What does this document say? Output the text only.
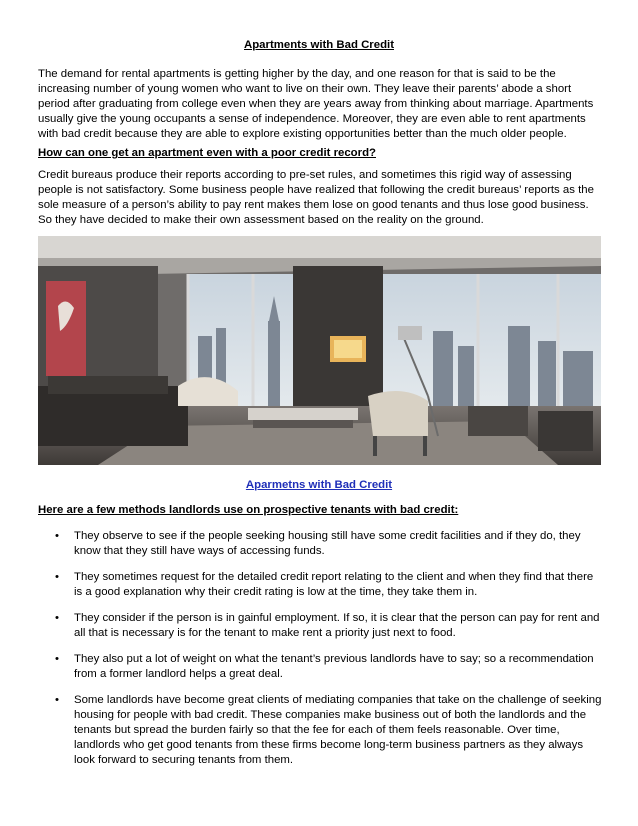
Apartments with Bad Credit

The demand for rental apartments is getting higher by the day, and one reason for that is said to be the increasing number of young women who want to live on their own. They leave their parents’ abode a short period after graduating from college even when they are years away from thinking about marriage. Apartments usually give the young occupants a sense of independence. Moreover, they are even able to rent apartments with bad credit because they are able to explore existing opportunities better than the much older people.

How can one get an apartment even with a poor credit record?

Credit bureaus produce their reports according to pre-set rules, and sometimes this rigid way of assessing people is not satisfactory. Some business people have realized that following the credit bureaus’ reports as the sole measure of a person’s ability to pay rent makes them lose on good tenants and thus lose good business. So they have decided to make their own assessment based on the reality on the ground.

Aparmetns with Bad Credit

Here are a few methods landlords use on prospective tenants with bad credit:

• They observe to see if the people seeking housing still have some credit facilities and if they do, they know that they still have ways of accessing funds.
• They sometimes request for the detailed credit report relating to the client and when they find that there is a good explanation why their credit rating is low at the time, they take them in.
• They consider if the person is in gainful employment. If so, it is clear that the person can pay for rent and all that is necessary is for the tenant to make rent a priority just next to food.
• They also put a lot of weight on what the tenant’s previous landlords have to say; so a recommendation from a former landlord helps a great deal.
• Some landlords have become great clients of mediating companies that take on the challenge of seeking housing for people with bad credit. These companies make business out of both the landlords and the tenants but spread the burden fairly so that the fee for each of them feels reasonable. Over time, landlords who get good tenants from these firms become long-term business partners as they always look forward to securing tenants from them.
